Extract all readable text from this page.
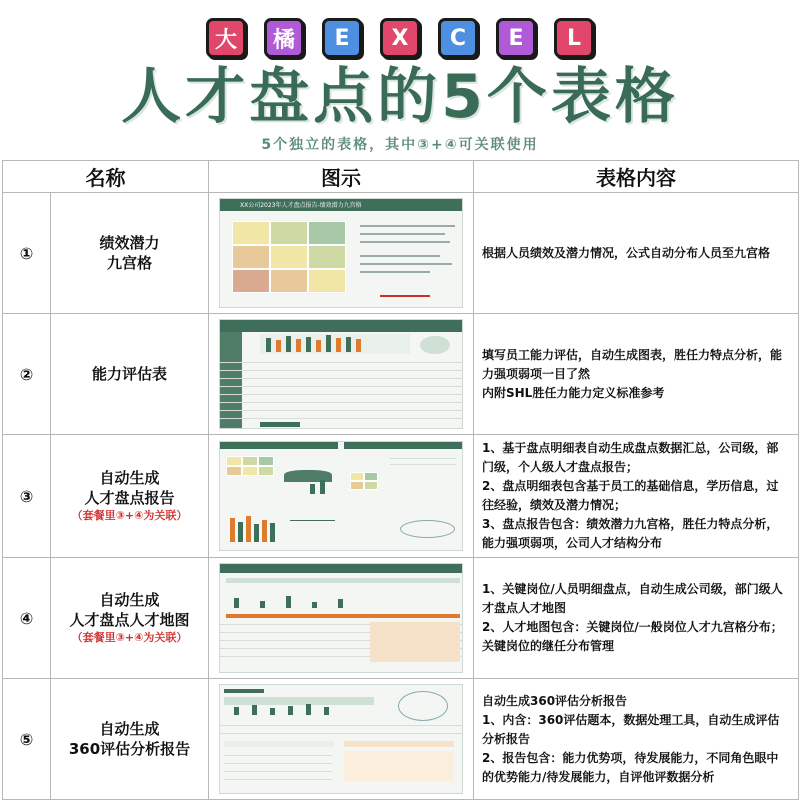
大	橘	E	X	C	E	L
人才盘点的5个表格
5个独立的表格，其中③+④可关联使用
名称		图示	表格内容
①	绩效潜力
九宫格	XX公司2023年人才盘点报告-绩效潜力九宫格	根据人员绩效及潜力情况，公式自动分布人员至九宫格

②	能力评估表		填写员工能力评估，自动生成图表，胜任力特点分析，能力强项弱项一目了然
内附SHL胜任力能力定义标准参考

③	自动生成
人才盘点报告
（套餐里③+④为关联）		1、基于盘点明细表自动生成盘点数据汇总，公司级，部门级，个人级人才盘点报告；
2、盘点明细表包含基于员工的基础信息，学历信息，过往经验，绩效及潜力情况；
3、盘点报告包含：绩效潜力九宫格，胜任力特点分析，能力强项弱项，公司人才结构分布

④	自动生成
人才盘点人才地图
（套餐里③+④为关联）		1、关键岗位/人员明细盘点，自动生成公司级，部门级人才盘点人才地图
2、人才地图包含：关键岗位/一般岗位人才九宫格分布；关键岗位的继任分布管理

⑤	自动生成
360评估分析报告		自动生成360评估分析报告
1、内含：360评估题本，数据处理工具，自动生成评估分析报告
2、报告包含：能力优势项，待发展能力，不同角色眼中的优势能力/待发展能力，自评他评数据分析
